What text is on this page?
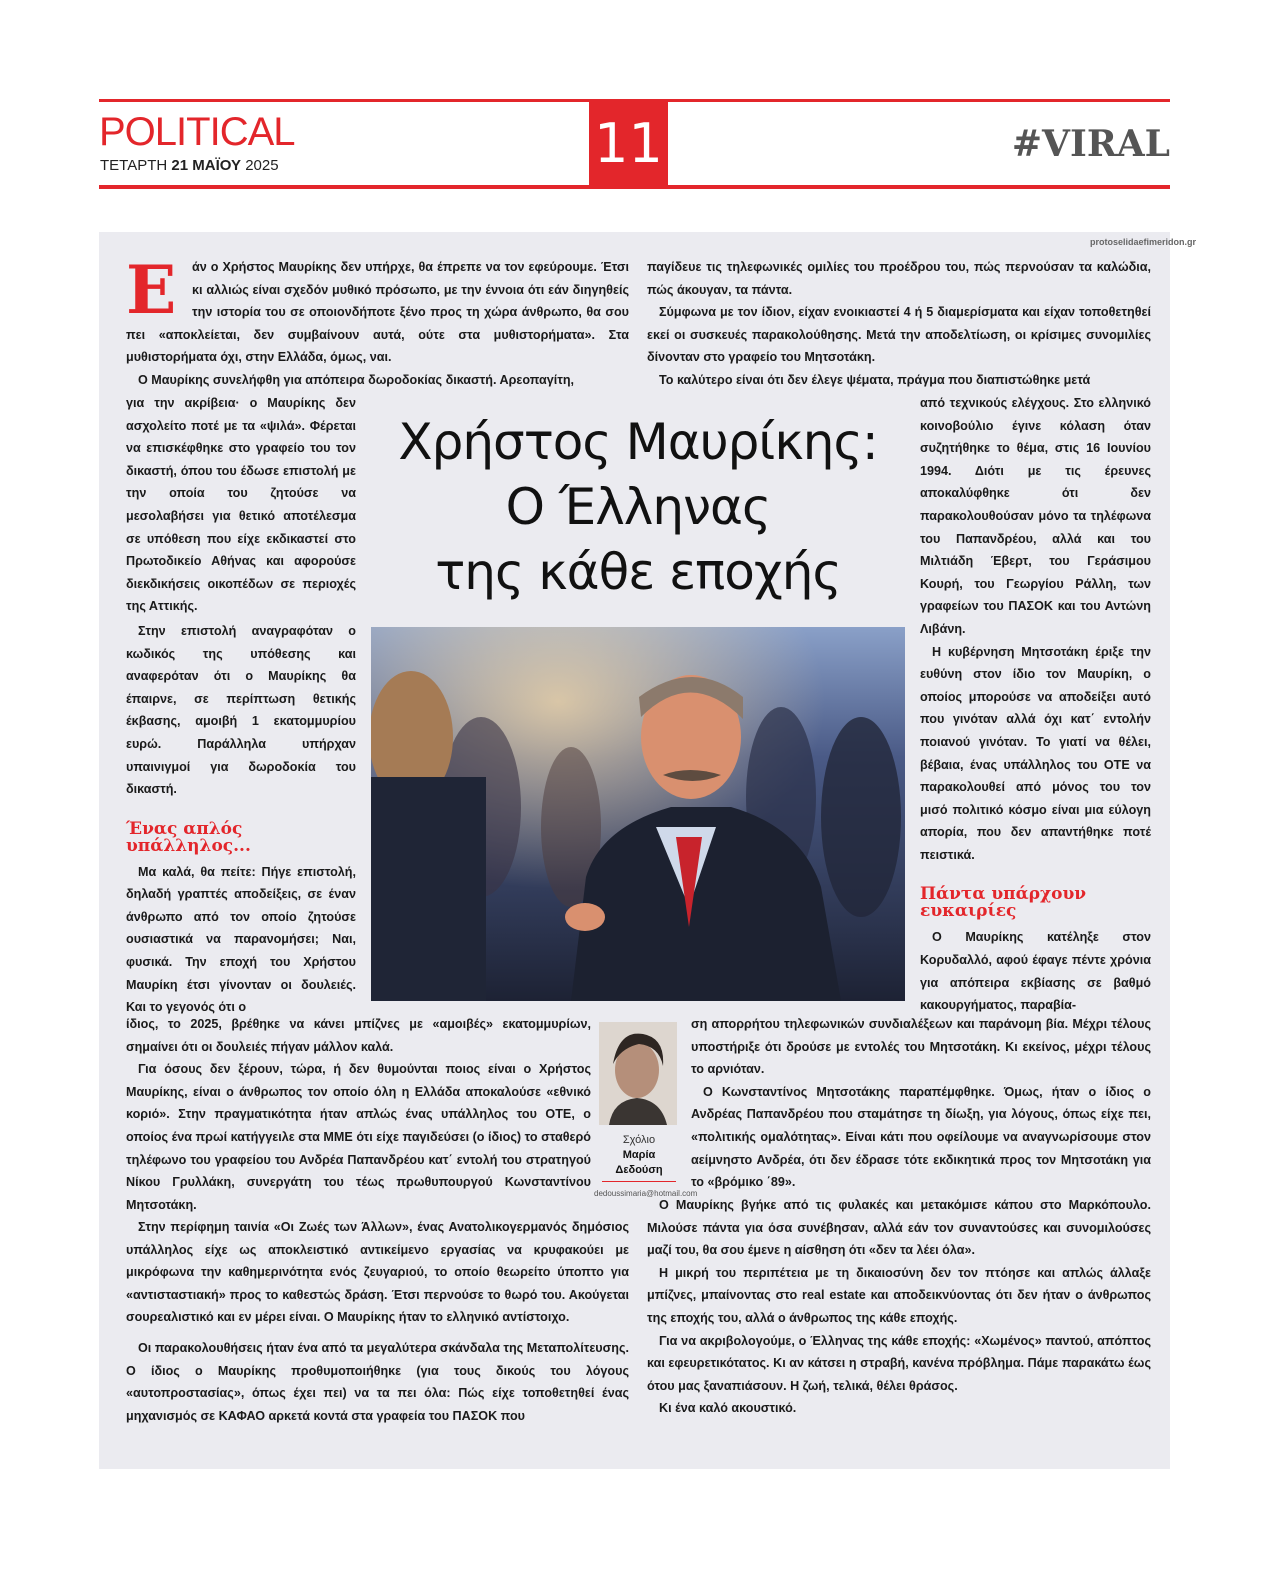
POLITICAL
ΤΕΤΑΡΤΗ 21 ΜΑΪΟΥ 2025	11	#VIRAL
protoselidaefimeridon.gr
Ε	άν ο Χρήστος Μαυρίκης δεν υπήρχε, θα έπρεπε να τον εφεύρουμε. Έτσι κι αλλιώς είναι σχεδόν μυθικό πρόσωπο, με την έννοια ότι εάν διηγηθείς την ιστορία του σε οποιονδήποτε ξένο προς τη χώρα άνθρωπο, θα σου πει «αποκλείεται, δεν συμβαίνουν αυτά, ούτε στα μυθιστορήματα». Στα μυθιστορήματα όχι, στην Ελλάδα, όμως, ναι.

Ο Μαυρίκης συνελήφθη για απόπειρα δωροδοκίας δικαστή. Αρεοπαγίτη,

για την ακρίβεια· ο Μαυρίκης δεν ασχολείτο ποτέ με τα «ψιλά». Φέρεται να επισκέφθηκε στο γραφείο του τον δικαστή, όπου του έδωσε επιστολή με την οποία του ζητούσε να μεσολαβήσει για θετικό αποτέλεσμα σε υπόθεση που είχε εκδικαστεί στο Πρωτοδικείο Αθήνας και αφορούσε διεκδικήσεις οικοπέδων σε περιοχές της Αττικής.

Στην επιστολή αναγραφόταν ο κωδικός της υπόθεσης και αναφερόταν ότι ο Μαυρίκης θα έπαιρνε, σε περίπτωση θετικής έκβασης, αμοιβή 1 εκατομμυρίου ευρώ. Παράλληλα υπήρχαν υπαινιγμοί για δωροδοκία του δικαστή.

Ένας απλός
υπάλληλος...

Μα καλά, θα πείτε: Πήγε επιστολή, δηλαδή γραπτές αποδείξεις, σε έναν άνθρωπο από τον οποίο ζητούσε ουσιαστικά να παρανομήσει; Ναι, φυσικά. Την εποχή του Χρήστου Μαυρίκη έτσι γίνονταν οι δουλειές. Και το γεγονός ότι ο

ίδιος, το 2025, βρέθηκε να κάνει μπίζνες με «αμοιβές» εκατομμυρίων, σημαίνει ότι οι δουλειές πήγαν μάλλον καλά.

Για όσους δεν ξέρουν, τώρα, ή δεν θυμούνται ποιος είναι ο Χρήστος Μαυρίκης, είναι ο άνθρωπος τον οποίο όλη η Ελλάδα αποκαλούσε «εθνικό κοριό». Στην πραγματικότητα ήταν απλώς ένας υπάλληλος του ΟΤΕ, ο οποίος ένα πρωί κατήγγειλε στα ΜΜΕ ότι είχε παγιδεύσει (ο ίδιος) το σταθερό τηλέφωνο του γραφείου του Ανδρέα Παπανδρέου κατ΄ εντολή του στρατηγού Νίκου Γρυλλάκη, συνεργάτη του τέως πρωθυπουργού Κωνσταντίνου Μητσοτάκη.

Στην περίφημη ταινία «Οι Ζωές των Άλλων», ένας Ανατολικογερμανός δημόσιος υπάλληλος είχε ως αποκλειστικό αντικείμενο εργασίας να κρυφακούει με μικρόφωνα την καθημερινότητα ενός ζευγαριού, το οποίο θεωρείτο ύποπτο για «αντισταστιακή» προς το καθεστώς δράση. Έτσι περνούσε το θωρό του. Ακούγεται σουρεαλιστικό και εν μέρει είναι. Ο Μαυρίκης ήταν το ελληνικό αντίστοιχο.

Οι παρακολουθήσεις ήταν ένα από τα μεγαλύτερα σκάνδαλα της Μεταπολίτευσης. Ο ίδιος ο Μαυρίκης προθυμοποιήθηκε (για τους δικούς του λόγους «αυτοπροστασίας», όπως έχει πει) να τα πει όλα: Πώς είχε τοποθετηθεί ένας μηχανισμός σε ΚΑΦΑΟ αρκετά κοντά στα γραφεία του ΠΑΣΟΚ που

παγίδευε τις τηλεφωνικές ομιλίες του προέδρου του, πώς περνούσαν τα καλώδια, πώς άκουγαν, τα πάντα.

Σύμφωνα με τον ίδιον, είχαν ενοικιαστεί 4 ή 5 διαμερίσματα και είχαν τοποθετηθεί εκεί οι συσκευές παρακολούθησης. Μετά την αποδελτίωση, οι κρίσιμες συνομιλίες δίνονταν στο γραφείο του Μητσοτάκη.

Το καλύτερο είναι ότι δεν έλεγε ψέματα, πράγμα που διαπιστώθηκε μετά

από τεχνικούς ελέγχους. Στο ελληνικό κοινοβούλιο έγινε κόλαση όταν συζητήθηκε το θέμα, στις 16 Ιουνίου 1994. Διότι με τις έρευνες αποκαλύφθηκε ότι δεν παρακολουθούσαν μόνο τα τηλέφωνα του Παπανδρέου, αλλά και του Μιλτιάδη Έβερτ, του Γεράσιμου Κουρή, του Γεωργίου Ράλλη, των γραφείων του ΠΑΣΟΚ και του Αντώνη Λιβάνη.

Η κυβέρνηση Μητσοτάκη έριξε την ευθύνη στον ίδιο τον Μαυρίκη, ο οποίος μπορούσε να αποδείξει αυτό που γινόταν αλλά όχι κατ΄ εντολήν ποιανού γινόταν. Το γιατί να θέλει, βέβαια, ένας υπάλληλος του ΟΤΕ να παρακολουθεί από μόνος του τον μισό πολιτικό κόσμο είναι μια εύλογη απορία, που δεν απαντήθηκε ποτέ πειστικά.

Πάντα υπάρχουν
ευκαιρίες

Ο Μαυρίκης κατέληξε στον Κορυδαλλό, αφού έφαγε πέντε χρόνια για απόπειρα εκβίασης σε βαθμό κακουργήματος, παραβία-

ση απορρήτου τηλεφωνικών συνδιαλέξεων και παράνομη βία. Μέχρι τέλους υποστήριξε ότι δρούσε με εντολές του Μητσοτάκη. Κι εκείνος, μέχρι τέλους το αρνιόταν.

Ο Κωνσταντίνος Μητσοτάκης παραπέμφθηκε. Όμως, ήταν ο ίδιος ο Ανδρέας Παπανδρέου που σταμάτησε τη δίωξη, για λόγους, όπως είχε πει, «πολιτικής ομαλότητας». Είναι κάτι που οφείλουμε να αναγνωρίσουμε στον αείμνηστο Ανδρέα, ότι δεν έδρασε τότε εκδικητικά προς τον Μητσοτάκη για το «βρόμικο ΄89».

Ο Μαυρίκης βγήκε από τις φυλακές και μετακόμισε κάπου στο Μαρκόπουλο. Μιλούσε πάντα για όσα συνέβησαν, αλλά εάν τον συναντούσες και συνομιλούσες μαζί του, θα σου έμενε η αίσθηση ότι «δεν τα λέει όλα».

Η μικρή του περιπέτεια με τη δικαιοσύνη δεν τον πτόησε και απλώς άλλαξε μπίζνες, μπαίνοντας στο real estate και αποδεικνύοντας ότι δεν ήταν ο άνθρωπος της εποχής του, αλλά ο άνθρωπος της κάθε εποχής.

Για να ακριβολογούμε, ο Έλληνας της κάθε εποχής: «Χωμένος» παντού, απόπτος και εφευρετικότατος. Κι αν κάτσει η στραβή, κανένα πρόβλημα. Πάμε παρακάτω έως ότου μας ξαναπιάσουν. Η ζωή, τελικά, θέλει θράσος.

Κι ένα καλό ακουστικό.

Χρήστος Μαυρίκης:
Ο Έλληνας
της κάθε εποχής
Σχόλιο
Μαρία
Δεδούση
dedoussimaria@hotmail.com
